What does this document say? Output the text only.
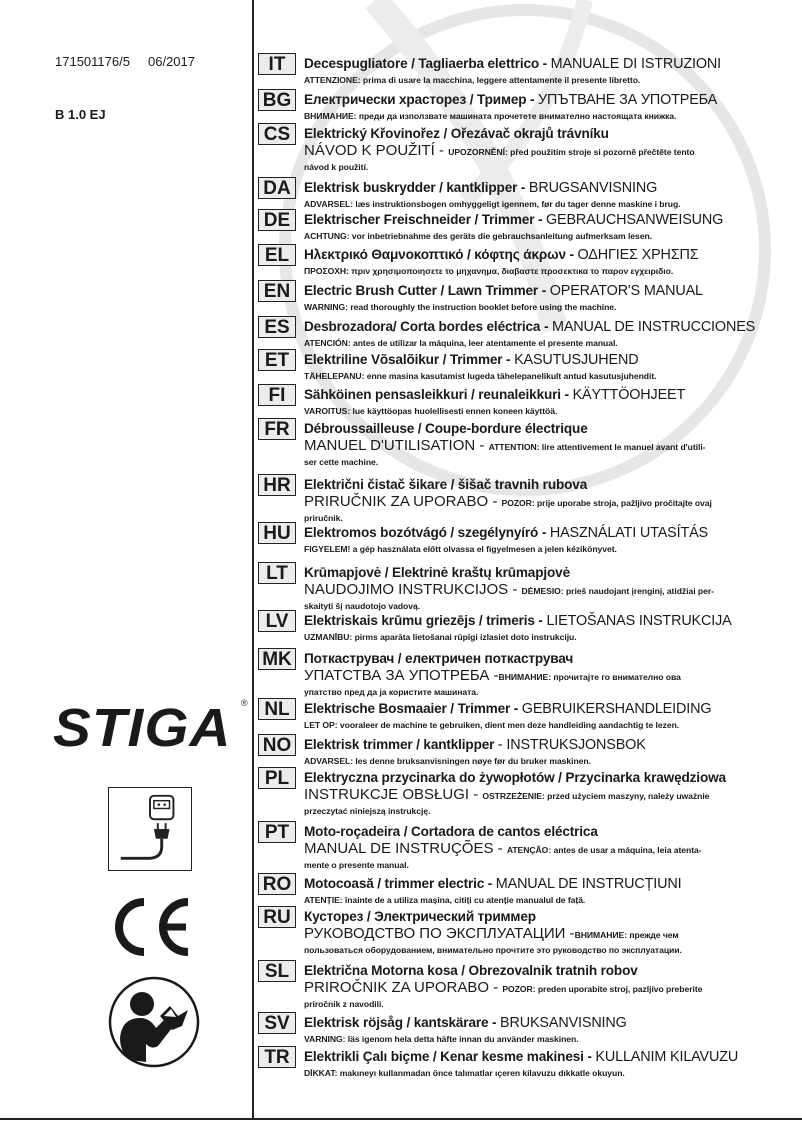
171501176/5 06/2017
B 1.0 EJ
STIGA ®
IT	Decespugliatore / Tagliaerba elettrico - MANUALE DI ISTRUZIONI
ATTENZIONE: prima di usare la macchina, leggere attentamente il presente libretto.
BG Електрически храсторез / Тример - УПЪТВАНЕ ЗА УПОТРЕБА
ВНИМАНИЕ: преди да използвате машината прочетете внимателно настоящата книжка.
CS	Elektrický Křovinořez / Ořezávač okrajů trávníku
NÁVOD K POUŽITÍ - UPOZORNĚNÍ: před použitím stroje si pozorně přečtěte tento
návod k použití.
DA Elektrisk buskrydder / kantklipper - BRUGSANVISNING
ADVARSEL: læs instruktionsbogen omhyggeligt igennem, før du tager denne maskine i brug.
DE	Elektrischer Freischneider / Trimmer - GEBRAUCHSANWEISUNG
ACHTUNG: vor inbetriebnahme des geräts die gebrauchsanleitung aufmerksam lesen.
EL	Ηλεκτρικό Θαμνοκοπτικό / κόφτης άκρων - ΟΔΗΓΙΕΣ ΧΡΗΣΠΣ
ΠΡΟΣΟΧΗ: πριν χρησιμοποιησετε το μηχανημα, διαβαστε προσεκτικα το παρον εγχειριδιο.
EN	Electric Brush Cutter / Lawn Trimmer - OPERATOR'S MANUAL
WARNING: read thoroughly the instruction booklet before using the machine.
ES	Desbrozadora/ Corta bordes eléctrica - MANUAL DE INSTRUCCIONES
ATENCIÓN: antes de utilizar la máquina, leer atentamente el presente manual.
ET	Elektriline Võsalõikur / Trimmer - KASUTUSJUHEND
TÄHELEPANU: enne masina kasutamist lugeda tähelepanelikult antud kasutusjuhendit.
FI	Sähköinen pensasleikkuri / reunaleikkuri - KÄYTTÖOHJEET
VAROITUS: lue käyttöopas huolellisesti ennen koneen käyttöä.
FR	Débroussailleuse / Coupe-bordure électrique
MANUEL D'UTILISATION - ATTENTION: lire attentivement le manuel avant d'utili-
ser cette machine.
HR Električni čistač šikare / šišač travnih rubova
PRIRUČNIK ZA UPORABO - POZOR: prije uporabe stroja, pažljivo pročitajte ovaj
priručnik.
HU Elektromos bozótvágó / szegélynyíró - HASZNÁLATI UTASÍTÁS
FIGYELEM! a gép használata előtt olvassa el figyelmesen a jelen kézikönyvet.
LT	Krūmapjovė / Elektrinė kraštų krūmapjovė
NAUDOJIMO INSTRUKCIJOS - DĖMESIO: prieš naudojant įrenginį, atidžiai per-
skaityti šį naudotojo vadovą.
LV	Elektriskais krūmu griezējs / trimeris - LIETOŠANAS INSTRUKCIJA
UZMANĪBU: pirms aparāta lietošanai rūpīgi izlasiet doto instrukciju.
MK Поткаструвач / електричен поткаструвач
УПАТСТВА ЗА УПОТРЕБА -ВНИМАНИЕ: прочитајте го внимателно ова
упатство пред да ја користите машината.
NL	Elektrische Bosmaaier / Trimmer - GEBRUIKERSHANDLEIDING
LET OP: vooraleer de machine te gebruiken, dient men deze handleiding aandachtig te lezen.
NO Elektrisk trimmer / kantklipper - INSTRUKSJONSBOK
ADVARSEL: les denne bruksanvisningen nøye før du bruker maskinen.
PL	Elektryczna przycinarka do żywopłotów / Przycinarka krawędziowa
INSTRUKCJE OBSŁUGI - OSTRZEŻENIE: przed użyciem maszyny, należy uważnie
przeczytać niniejszą instrukcję.
PT	Moto-roçadeira / Cortadora de cantos eléctrica
MANUAL DE INSTRUÇÕES - ATENÇÃO: antes de usar a máquina, leia atenta-
mente o presente manual.
RO Motocoasă / trimmer electric - MANUAL DE INSTRUCȚIUNI
ATENȚIE: înainte de a utiliza mașina, citiți cu atenție manualul de față.
RU Кусторез / Электрический триммер
РУКОВОДСТВО ПО ЭКСПЛУАТАЦИИ -ВНИМАНИЕ: прежде чем
пользоваться оборудованием, внимательно прочтите это руководство по эксплуатации.
SL	Električna Motorna kosa / Obrezovalnik tratnih robov
PRIROČNIK ZA UPORABO - POZOR: preden uporabite stroj, pazljivo preberite
priročnik z navodili.
SV	Elektrisk röjsåg / kantskärare - BRUKSANVISNING
VARNING: läs igenom hela detta häfte innan du använder maskinen.
TR	Elektrikli Çalı biçme / Kenar kesme makinesi - KULLANIM KILAVUZU
DİKKAT: makıneyı kullanmadan önce talımatlar ıçeren kilavuzu dıkkatle okuyun.
